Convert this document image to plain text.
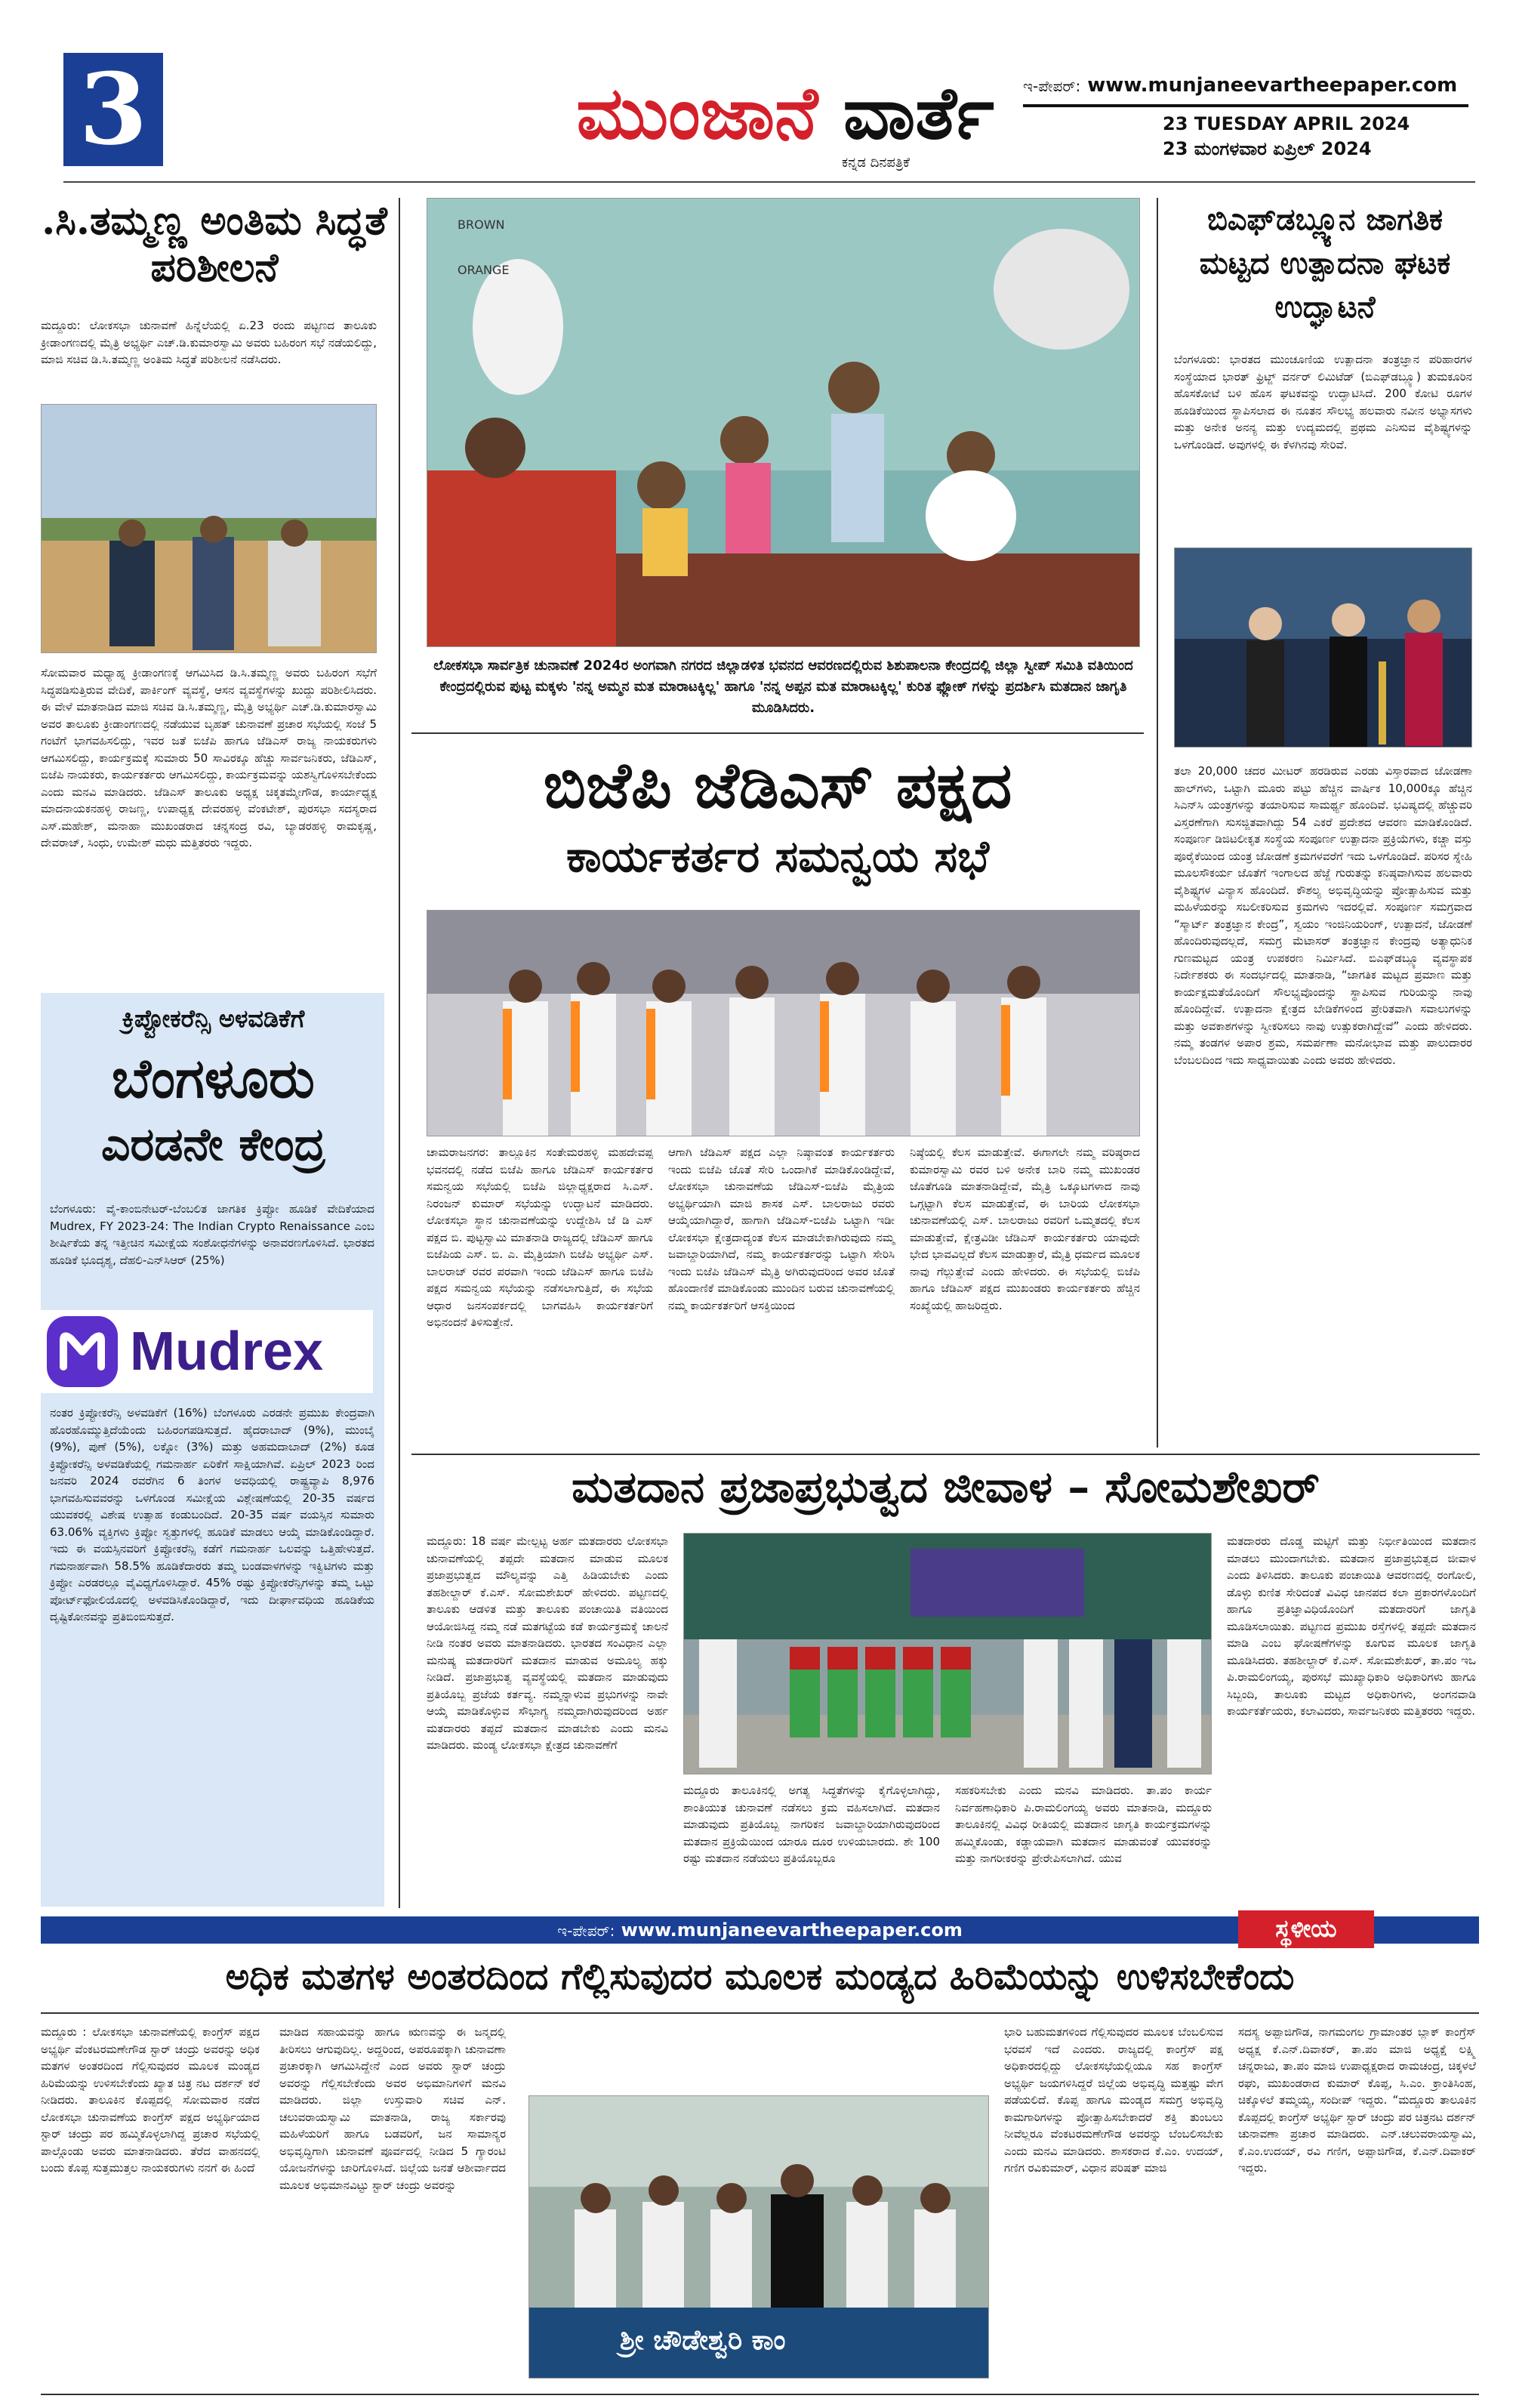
3	ಮುಂಜಾನೆ ವಾರ್ತೆ
ಕನ್ನಡ ದಿನಪತ್ರಿಕೆ
ಇ-ಪೇಪರ್: www.munjaneevartheepaper.com
23 TUESDAY APRIL 2024
23 ಮಂಗಳವಾರ ಏಪ್ರಿಲ್ 2024
.ಸಿ.ತಮ್ಮಣ್ಣ ಅಂತಿಮ ಸಿದ್ಧತೆ ಪರಿಶೀಲನೆ
ಮದ್ದೂರು: ಲೋಕಸಭಾ ಚುನಾವಣೆ ಹಿನ್ನೆಲೆಯಲ್ಲಿ ಏ.23 ರಂದು ಪಟ್ಟಣದ ತಾಲೂಕು ಕ್ರೀಡಾಂಗಣದಲ್ಲಿ ಮೈತ್ರಿ ಅಭ್ಯರ್ಥಿ ಎಚ್.ಡಿ.ಕುಮಾರಸ್ವಾಮಿ ಅವರು ಬಹಿರಂಗ ಸಭೆ ನಡೆಯಲಿದ್ದು, ಮಾಜಿ ಸಚಿವ ಡಿ.ಸಿ.ತಮ್ಮಣ್ಣ ಅಂತಿಮ ಸಿದ್ಧತೆ ಪರಿಶೀಲನೆ ನಡೆಸಿದರು.
ಸೋಮವಾರ ಮಧ್ಯಾಹ್ನ ಕ್ರೀಡಾಂಗಣಕ್ಕೆ ಆಗಮಿಸಿದ ಡಿ.ಸಿ.ತಮ್ಮಣ್ಣ ಅವರು ಬಹಿರಂಗ ಸಭೆಗೆ ಸಿದ್ಧಪಡಿಸುತ್ತಿರುವ ವೇದಿಕೆ, ಪಾರ್ಕಿಂಗ್ ವ್ಯವಸ್ಥೆ, ಆಸನ ವ್ಯವಸ್ಥೆಗಳನ್ನು ಖುದ್ದು ಪರಿಶೀಲಿಸಿದರು. ಈ ವೇಳೆ ಮಾತನಾಡಿದ ಮಾಜಿ ಸಚಿವ ಡಿ.ಸಿ.ತಮ್ಮಣ್ಣ, ಮೈತ್ರಿ ಅಭ್ಯರ್ಥಿ ಎಚ್.ಡಿ.ಕುಮಾರಸ್ವಾಮಿ ಅವರ ತಾಲೂಕು ಕ್ರೀಡಾಂಗಣದಲ್ಲಿ ನಡೆಯುವ ಬೃಹತ್ ಚುನಾವಣೆ ಪ್ರಚಾರ ಸಭೆಯಲ್ಲಿ ಸಂಜೆ 5 ಗಂಟೆಗೆ ಭಾಗವಹಿಸಲಿದ್ದು, ಇವರ ಜತೆ ಬಿಜೆಪಿ ಹಾಗೂ ಜೆಡಿಎಸ್ ರಾಜ್ಯ ನಾಯಕರುಗಳು ಆಗಮಿಸಲಿದ್ದು, ಕಾರ್ಯಕ್ರಮಕ್ಕೆ ಸುಮಾರು 50 ಸಾವಿರಕ್ಕೂ ಹೆಚ್ಚು ಸಾರ್ವಜನಿಕರು, ಜೆಡಿಎಸ್, ಬಿಜೆಪಿ ನಾಯಕರು, ಕಾರ್ಯಕರ್ತರು ಆಗಮಿಸಲಿದ್ದು, ಕಾರ್ಯಕ್ರಮವನ್ನು ಯಶಸ್ವಿಗೊಳಿಸಬೇಕೆಂದು ಎಂದು ಮನವಿ ಮಾಡಿದರು. ಜೆಡಿಎಸ್ ತಾಲೂಕು ಅಧ್ಯಕ್ಷ ಚಿಕ್ಕತಮ್ಮೇಗೌಡ, ಕಾರ್ಯಾಧ್ಯಕ್ಷ ಮಾದನಾಯಕನಹಳ್ಳಿ ರಾಜಣ್ಣ, ಉಪಾಧ್ಯಕ್ಷ ದೇವರಹಳ್ಳಿ ವೆಂಕಟೇಶ್, ಪುರಸಭಾ ಸದಸ್ಯರಾದ ಎಸ್.ಮಹೇಶ್, ಮನಾಹಾ ಮುಖಂಡರಾದ ಚನ್ನಸಂದ್ರ ರವಿ, ಬ್ಯಾಡರಹಳ್ಳಿ ರಾಮಕೃಷ್ಣ, ದೇವರಾಜ್, ಸಿಂಧು, ಉಮೇಶ್ ಮಧು ಮತ್ತಿತರರು ಇದ್ದರು.
ಕ್ರಿಪ್ಟೋಕರೆನ್ಸಿ ಅಳವಡಿಕೆಗೆ
ಬೆಂಗಳೂರು
ಎರಡನೇ ಕೇಂದ್ರ
ಬೆಂಗಳೂರು: ವೈ-ಕಾಂಬಿನೇಟರ್-ಬೆಂಬಲಿತ ಜಾಗತಿಕ ಕ್ರಿಪ್ಟೋ ಹೂಡಿಕೆ ವೇದಿಕೆಯಾದ Mudrex, FY 2023-24: The Indian Crypto Renaissance ಎಂಬ ಶೀರ್ಷಿಕೆಯ ತನ್ನ ಇತ್ತೀಚಿನ ಸಮೀಕ್ಷೆಯ ಸಂಶೋಧನೆಗಳನ್ನು ಅನಾವರಣಗೊಳಿಸಿದೆ. ಭಾರತದ ಹೂಡಿಕೆ ಭೂದೃಶ್ಯ, ದೆಹಲಿ-ಎನ್‌ಸಿಆರ್ (25%)
Mudrex
ನಂತರ ಕ್ರಿಪ್ಟೋಕರೆನ್ಸಿ ಅಳವಡಿಕೆಗೆ (16%) ಬೆಂಗಳೂರು ಎರಡನೇ ಪ್ರಮುಖ ಕೇಂದ್ರವಾಗಿ ಹೊರಹೊಮ್ಮುತ್ತಿದೆಯೆಂದು ಬಹಿರಂಗಪಡಿಸುತ್ತದೆ. ಹೈದರಾಬಾದ್ (9%), ಮುಂಬೈ (9%), ಪುಣೆ (5%), ಲಕ್ನೋ (3%) ಮತ್ತು ಅಹಮದಾಬಾದ್ (2%) ಕೂಡ ಕ್ರಿಪ್ಟೋಕರೆನ್ಸಿ ಅಳವಡಿಕೆಯಲ್ಲಿ ಗಮನಾರ್ಹ ಏರಿಕೆಗೆ ಸಾಕ್ಷಿಯಾಗಿವೆ. ಏಪ್ರಿಲ್ 2023 ರಿಂದ ಜನವರಿ 2024 ರವರೆಗಿನ 6 ತಿಂಗಳ ಅವಧಿಯಲ್ಲಿ ರಾಷ್ಟ್ರವ್ಯಾಪಿ 8,976 ಭಾಗವಹಿಸುವವರನ್ನು ಒಳಗೊಂಡ ಸಮೀಕ್ಷೆಯ ವಿಶ್ಲೇಷಣೆಯಲ್ಲಿ 20-35 ವರ್ಷದ ಯುವಕರಲ್ಲಿ ವಿಶೇಷ ಉತ್ಸಾಹ ಕಂಡುಬಂದಿದೆ. 20-35 ವರ್ಷ ವಯಸ್ಸಿನ ಸುಮಾರು 63.06% ವ್ಯಕ್ತಿಗಳು ಕ್ರಿಪ್ಟೋ ಸ್ವತ್ತುಗಳಲ್ಲಿ ಹೂಡಿಕೆ ಮಾಡಲು ಆಯ್ಕೆ ಮಾಡಿಕೊಂಡಿದ್ದಾರೆ. ಇದು ಈ ವಯಸ್ಸಿನವರಿಗೆ ಕ್ರಿಪ್ಟೋಕರೆನ್ಸಿ ಕಡೆಗೆ ಗಮನಾರ್ಹ ಒಲವನ್ನು ಒತ್ತಿಹೇಳುತ್ತದೆ. ಗಮನಾರ್ಹವಾಗಿ 58.5% ಹೂಡಿಕೆದಾರರು ತಮ್ಮ ಬಂಡವಾಳಗಳನ್ನು ಇಕ್ವಿಟಿಗಳು ಮತ್ತು ಕ್ರಿಪ್ಟೋ ಎರಡರಲ್ಲೂ ವೈವಿಧ್ಯಗೊಳಿಸಿದ್ದಾರೆ. 45% ರಷ್ಟು ಕ್ರಿಪ್ಟೋಕರೆನ್ಸಿಗಳನ್ನು ತಮ್ಮ ಒಟ್ಟು ಪೋರ್ಟ್‌ಫೋಲಿಯೊದಲ್ಲಿ ಅಳವಡಿಸಿಕೊಂಡಿದ್ದಾರೆ, ಇದು ದೀರ್ಘಾವಧಿಯ ಹೂಡಿಕೆಯ ದೃಷ್ಟಿಕೋನವನ್ನು ಪ್ರತಿಬಿಂಬಿಸುತ್ತದೆ.
BROWN
ORANGE
ಲೋಕಸಭಾ ಸಾರ್ವತ್ರಿಕ ಚುನಾವಣೆ 2024ರ ಅಂಗವಾಗಿ ನಗರದ ಜಿಲ್ಲಾಡಳಿತ ಭವನದ ಆವರಣದಲ್ಲಿರುವ ಶಿಶುಪಾಲನಾ ಕೇಂದ್ರದಲ್ಲಿ ಜಿಲ್ಲಾ ಸ್ವೀಪ್ ಸಮಿತಿ ವತಿಯಿಂದ ಕೇಂದ್ರದಲ್ಲಿರುವ ಪುಟ್ಟ ಮಕ್ಕಳು 'ನನ್ನ ಅಮ್ಮನ ಮತ ಮಾರಾಟಕ್ಕಿಲ್ಲ' ಹಾಗೂ 'ನನ್ನ ಅಪ್ಪನ ಮತ ಮಾರಾಟಕ್ಕಿಲ್ಲ' ಕುರಿತ ಫ್ಲೋಕ್ ಗಳನ್ನು ಪ್ರದರ್ಶಿಸಿ ಮತದಾನ ಜಾಗೃತಿ ಮೂಡಿಸಿದರು.
ಬಿಎಫ್‌ಡಬ್ಲ್ಯೂನ ಜಾಗತಿಕ ಮಟ್ಟದ ಉತ್ಪಾದನಾ ಘಟಕ ಉದ್ಘಾಟನೆ
ಬೆಂಗಳೂರು: ಭಾರತದ ಮುಂಚೂಣಿಯ ಉತ್ಪಾದನಾ ತಂತ್ರಜ್ಞಾನ ಪರಿಹಾರಗಳ ಸಂಸ್ಥೆಯಾದ ಭಾರತ್ ಫ್ರಿಟ್ಜ್ ವರ್ನರ್ ಲಿಮಿಟೆಡ್ (ಬಿಎಫ್‌ಡಬ್ಲ್ಯೂ) ತುಮಕೂರಿನ ಹೊಸಕೋಟೆ ಬಳಿ ಹೊಸ ಘಟಕವನ್ನು ಉದ್ಘಾಟಿಸಿದೆ. 200 ಕೋಟಿ ರೂಗಳ ಹೂಡಿಕೆಯಿಂದ ಸ್ಥಾಪಿಸಲಾದ ಈ ನೂತನ ಸೌಲಭ್ಯ ಹಲವಾರು ನವೀನ ಅಭ್ಯಾಸಗಳು ಮತ್ತು ಅನೇಕ ಅನನ್ಯ ಮತ್ತು ಉದ್ಯಮದಲ್ಲಿ ಪ್ರಥಮ ಎನಿಸುವ ವೈಶಿಷ್ಟ್ಯಗಳನ್ನು ಒಳಗೊಂಡಿದೆ. ಅವುಗಳಲ್ಲಿ ಈ ಕೆಳಗಿನವು ಸೇರಿವೆ.
ತಲಾ 20,000 ಚದರ ಮೀಟರ್ ಹರಡಿರುವ ಎರಡು ವಿಸ್ತಾರವಾದ ಜೋಡಣಾ ಹಾಲ್‌ಗಳು, ಒಟ್ಟಾಗಿ ಮೂರು ಪಟ್ಟು ಹೆಚ್ಚಿನ ವಾರ್ಷಿಕ 10,000ಕ್ಕೂ ಹೆಚ್ಚಿನ ಸಿಎನ್‌ಸಿ ಯಂತ್ರಗಳನ್ನು ತಯಾರಿಸುವ ಸಾಮರ್ಥ್ಯ ಹೊಂದಿವೆ. ಭವಿಷ್ಯದಲ್ಲಿ ಹೆಚ್ಚುವರಿ ವಿಸ್ತರಣೆಗಾಗಿ ಸುಸಜ್ಜಿತವಾಗಿದ್ದು 54 ಎಕರೆ ಪ್ರದೇಶದ ಆವರಣ ಮಾಡಿಕೊಂಡಿದೆ. ಸಂಪೂರ್ಣ ಡಿಜಿಟಲೀಕೃತ ಸಂಸ್ಥೆಯ ಸಂಪೂರ್ಣ ಉತ್ಪಾದನಾ ಪ್ರಕ್ರಿಯೆಗಳು, ಕಚ್ಚಾ ವಸ್ತು ಪೂರೈಕೆಯಿಂದ ಯಂತ್ರ ಜೋಡಣೆ ಕ್ರಮಗಳವರೆಗೆ ಇದು ಒಳಗೊಂಡಿದೆ. ಪರಿಸರ ಸ್ನೇಹಿ ಮೂಲಸೌಕರ್ಯ ಜೊತೆಗೆ ಇಂಗಾಲದ ಹೆಜ್ಜೆ ಗುರುತನ್ನು ಕನಿಷ್ಠವಾಗಿಸುವ ಹಲವಾರು ವೈಶಿಷ್ಟ್ಯಗಳ ವಿನ್ಯಾಸ ಹೊಂದಿದೆ. ಕೌಶಲ್ಯ ಅಭಿವೃದ್ಧಿಯನ್ನು ಪ್ರೋತ್ಸಾಹಿಸುವ ಮತ್ತು ಮಹಿಳೆಯರನ್ನು ಸಬಲೀಕರಿಸುವ ಕ್ರಮಗಳು ಇದರಲ್ಲಿವೆ. ಸಂಪೂರ್ಣ ಸಮಗ್ರವಾದ “ಸ್ಮಾರ್ಟ್ ತಂತ್ರಜ್ಞಾನ ಕೇಂದ್ರ”, ಸ್ವಯಂ ಇಂಜಿನಿಯರಿಂಗ್, ಉತ್ಪಾದನೆ, ಜೋಡಣೆ ಹೊಂದಿರುವುದಲ್ಲದೆ, ಸಮಗ್ರ ಮೆಟಾಸರ್ ತಂತ್ರಜ್ಞಾನ ಕೇಂದ್ರವು ಅತ್ಯಾಧುನಿಕ ಗುಣಮಟ್ಟದ ಯಂತ್ರ ಉಪಕರಣ ನಿರ್ಮಿಸಿದೆ. ಬಿಎಫ್‌ಡಬ್ಲ್ಯೂ ವ್ಯವಸ್ಥಾಪಕ ನಿರ್ದೇಶಕರು ಈ ಸಂದರ್ಭದಲ್ಲಿ ಮಾತನಾಡಿ, “ಜಾಗತಿಕ ಮಟ್ಟದ ಪ್ರಮಾಣ ಮತ್ತು ಕಾರ್ಯಕ್ಷಮತೆಯೊಂದಿಗೆ ಸೌಲಭ್ಯವೊಂದನ್ನು ಸ್ಥಾಪಿಸುವ ಗುರಿಯನ್ನು ನಾವು ಹೊಂದಿದ್ದೇವೆ. ಉತ್ಪಾದನಾ ಕ್ಷೇತ್ರದ ಬೇಡಿಕೆಗಳಿಂದ ಪ್ರೇರಿತವಾಗಿ ಸವಾಲುಗಳನ್ನು ಮತ್ತು ಅವಕಾಶಗಳನ್ನು ಸ್ವೀಕರಿಸಲು ನಾವು ಉತ್ಸುಕರಾಗಿದ್ದೇವೆ” ಎಂದು ಹೇಳಿದರು. ನಮ್ಮ ತಂಡಗಳ ಅಪಾರ ಶ್ರಮ, ಸಮರ್ಪಣಾ ಮನೋಭಾವ ಮತ್ತು ಪಾಲುದಾರರ ಬೆಂಬಲದಿಂದ ಇದು ಸಾಧ್ಯವಾಯಿತು ಎಂದು ಅವರು ಹೇಳಿದರು.
ಬಿಜೆಪಿ ಜೆಡಿಎಸ್ ಪಕ್ಷದ
ಕಾರ್ಯಕರ್ತರ ಸಮನ್ವಯ ಸಭೆ
ಚಾಮರಾಜನಗರ: ತಾಲ್ಲೂಕಿನ ಸಂತೇಮರಹಳ್ಳಿ ಮಹದೇವಪ್ಪ ಭವನದಲ್ಲಿ ನಡೆದ ಬಿಜೆಪಿ ಹಾಗೂ ಜೆಡಿಎಸ್ ಕಾರ್ಯಕರ್ತರ ಸಮನ್ವಯ ಸಭೆಯಲ್ಲಿ ಬಿಜೆಪಿ ಜಿಲ್ಲಾಧ್ಯಕ್ಷರಾದ ಸಿ.ಎಸ್. ನಿರಂಜನ್ ಕುಮಾರ್ ಸಭೆಯನ್ನು ಉದ್ಘಾಟನೆ ಮಾಡಿದರು. ಲೋಕಸಭಾ ಸ್ಥಾನ ಚುನಾವಣೆಯನ್ನು ಉದ್ದೇಶಿಸಿ ಜೆ ಡಿ ಎಸ್ ಪಕ್ಷದ ಬಿ. ಪುಟ್ಟಸ್ವಾಮಿ ಮಾತನಾಡಿ ರಾಜ್ಯದಲ್ಲಿ ಜೆಡಿಎಸ್ ಹಾಗೂ ಬಿಜೆಪಿಯ ಎಸ್. ಬಿ. ಎ. ಮೈತ್ರಿಯಾಗಿ ಬಿಜೆಪಿ ಅಭ್ಯರ್ಥಿ ಎಸ್. ಬಾಲರಾಜ್ ರವರ ಪರವಾಗಿ ಇಂದು ಜೆಡಿಎಸ್ ಹಾಗೂ ಬಿಜೆಪಿ ಪಕ್ಷದ ಸಮನ್ವಯ ಸಭೆಯನ್ನು ನಡೆಸಲಾಗುತ್ತಿದೆ, ಈ ಸಭೆಯ ಆಧಾರ ಜನಸಂಪರ್ಕದಲ್ಲಿ ಬಾಗವಹಿಸಿ ಕಾರ್ಯಕರ್ತರಿಗೆ ಅಭಿನಂದನೆ ತಿಳಿಸುತ್ತೇನೆ.
ಆಗಾಗಿ ಜೆಡಿಎಸ್ ಪಕ್ಷದ ಎಲ್ಲಾ ನಿಷ್ಠಾವಂತ ಕಾರ್ಯಕರ್ತರು ಇಂದು ಬಿಜೆಪಿ ಜೊತೆ ಸೇರಿ ಒಂದಾಗಿಕೆ ಮಾಡಿಕೊಂಡಿದ್ದೇವೆ, ಲೋಕಸಭಾ ಚುನಾವಣೆಯ ಜೆಡಿಎಸ್-ಬಿಜೆಪಿ ಮೈತ್ರಿಯ ಅಭ್ಯರ್ಥಿಯಾಗಿ ಮಾಜಿ ಶಾಸಕ ಎಸ್. ಬಾಲರಾಜು ರವರು ಆಯ್ಕೆಯಾಗಿದ್ದಾರೆ, ಹಾಗಾಗಿ ಜೆಡಿಎಸ್-ಬಿಜೆಪಿ ಒಟ್ಟಾಗಿ ಇಡೀ ಲೋಕಸಭಾ ಕ್ಷೇತ್ರದಾದ್ಯಂತ ಕೆಲಸ ಮಾಡಬೇಕಾಗಿರುವುದು ನಮ್ಮ ಜವಾಬ್ದಾರಿಯಾಗಿದೆ, ನಮ್ಮ ಕಾರ್ಯಕರ್ತರನ್ನು ಒಟ್ಟಾಗಿ ಸೇರಿಸಿ ಇಂದು ಬಿಜೆಪಿ ಜೆಡಿಎಸ್ ಮೈತ್ರಿ ಅಗಿರುವುದರಿಂದ ಅವರ ಜೊತೆ ಹೊಂದಾಣಿಕೆ ಮಾಡಿಕೊಂಡು ಮುಂದಿನ ಬರುವ ಚುನಾವಣೆಯಲ್ಲಿ ನಮ್ಮ ಕಾರ್ಯಕರ್ತರಿಗೆ ಆಸಕ್ತಿಯಿಂದ
ನಿಷ್ಠೆಯಲ್ಲಿ ಕೆಲಸ ಮಾಡುತ್ತೇವೆ. ಈಗಾಗಲೇ ನಮ್ಮ ವರಿಷ್ಠರಾದ ಕುಮಾರಸ್ವಾಮಿ ರವರ ಬಳಿ ಅನೇಕ ಬಾರಿ ನಮ್ಮ ಮುಖಂಡರ ಜೊತೆಗೂಡಿ ಮಾತನಾಡಿದ್ದೇವೆ, ಮೈತ್ರಿ ಒಕ್ಕೂಟಗಳಾದ ನಾವು ಒಗ್ಗಟ್ಟಾಗಿ ಕೆಲಸ ಮಾಡುತ್ತೇವೆ, ಈ ಬಾರಿಯ ಲೋಕಸಭಾ ಚುನಾವಣೆಯಲ್ಲಿ ಎಸ್. ಬಾಲರಾಜು ರವರಿಗೆ ಒಮ್ಮತದಲ್ಲಿ ಕೆಲಸ ಮಾಡುತ್ತೇವೆ, ಕ್ಷೇತ್ರವಿಡೀ ಜೆಡಿಎಸ್ ಕಾರ್ಯಕರ್ತರು ಯಾವುದೇ ಭೇದ ಭಾವವಿಲ್ಲದೆ ಕೆಲಸ ಮಾಡುತ್ತಾರೆ, ಮೈತ್ರಿ ಧರ್ಮದ ಮೂಲಕ ನಾವು ಗೆಲ್ಲುತ್ತೇವೆ ಎಂದು ಹೇಳಿದರು. ಈ ಸಭೆಯಲ್ಲಿ ಬಿಜೆಪಿ ಹಾಗೂ ಜೆಡಿಎಸ್ ಪಕ್ಷದ ಮುಖಂಡರು ಕಾರ್ಯಕರ್ತರು ಹೆಚ್ಚಿನ ಸಂಖ್ಯೆಯಲ್ಲಿ ಹಾಜರಿದ್ದರು.
ಮತದಾನ ಪ್ರಜಾಪ್ರಭುತ್ವದ ಜೀವಾಳ – ಸೋಮಶೇಖರ್
ಮದ್ದೂರು: 18 ವರ್ಷ ಮೇಲ್ಪಟ್ಟ ಅರ್ಹ ಮತದಾರರು ಲೋಕಸಭಾ ಚುನಾವಣೆಯಲ್ಲಿ ತಪ್ಪದೇ ಮತದಾನ ಮಾಡುವ ಮೂಲಕ ಪ್ರಜಾಪ್ರಭುತ್ವದ ಮೌಲ್ಯವನ್ನು ಎತ್ತಿ ಹಿಡಿಯಬೇಕು ಎಂದು ತಹಶೀಲ್ದಾರ್ ಕೆ.ಎಸ್. ಸೋಮಶೇಖರ್ ಹೇಳಿದರು. ಪಟ್ಟಣದಲ್ಲಿ ತಾಲೂಕು ಆಡಳಿತ ಮತ್ತು ತಾಲೂಕು ಪಂಚಾಯಿತಿ ವತಿಯಿಂದ ಆಯೋಜಿಸಿದ್ದ ನಮ್ಮ ನಡೆ ಮತಗಟ್ಟೆಯ ಕಡೆ ಕಾರ್ಯಕ್ರಮಕ್ಕೆ ಚಾಲನೆ ನೀಡಿ ನಂತರ ಅವರು ಮಾತನಾಡಿದರು. ಭಾರತದ ಸಂವಿಧಾನ ಎಲ್ಲಾ ಮನುಷ್ಯ ಮತದಾರರಿಗೆ ಮತದಾನ ಮಾಡುವ ಅಮೂಲ್ಯ ಹಕ್ಕು ನೀಡಿದೆ. ಪ್ರಜಾಪ್ರಭುತ್ವ ವ್ಯವಸ್ಥೆಯಲ್ಲಿ ಮತದಾನ ಮಾಡುವುದು ಪ್ರತಿಯೊಬ್ಬ ಪ್ರಜೆಯ ಕರ್ತವ್ಯ. ನಮ್ಮನ್ನಾಳುವ ಪ್ರಭುಗಳನ್ನು ನಾವೇ ಆಯ್ಕೆ ಮಾಡಿಕೊಳ್ಳುವ ಸೌಭಾಗ್ಯ ನಮ್ಮದಾಗಿರುವುದರಿಂದ ಅರ್ಹ ಮತದಾರರು ತಪ್ಪದೆ ಮತದಾನ ಮಾಡಬೇಕು ಎಂದು ಮನವಿ ಮಾಡಿದರು. ಮಂಡ್ಯ ಲೋಕಸಭಾ ಕ್ಷೇತ್ರದ ಚುನಾವಣೆಗೆ
ಮದ್ದೂರು ತಾಲೂಕಿನಲ್ಲಿ ಅಗತ್ಯ ಸಿದ್ಧತೆಗಳನ್ನು ಕೈಗೊಳ್ಳಲಾಗಿದ್ದು, ಶಾಂತಿಯುತ ಚುನಾವಣೆ ನಡೆಸಲು ಕ್ರಮ ವಹಿಸಲಾಗಿದೆ. ಮತದಾನ ಮಾಡುವುದು ಪ್ರತಿಯೊಬ್ಬ ನಾಗರಿಕನ ಜವಾಬ್ದಾರಿಯಾಗಿರುವುದರಿಂದ ಮತದಾನ ಪ್ರಕ್ರಿಯೆಯಿಂದ ಯಾರೂ ದೂರ ಉಳಿಯಬಾರದು. ಶೇ 100 ರಷ್ಟು ಮತದಾನ ನಡೆಯಲು ಪ್ರತಿಯೊಬ್ಬರೂ
ಸಹಕರಿಸಬೇಕು ಎಂದು ಮನವಿ ಮಾಡಿದರು. ತಾ.ಪಂ ಕಾರ್ಯ ನಿರ್ವಹಣಾಧಿಕಾರಿ ಪಿ.ರಾಮಲಿಂಗಯ್ಯ ಅವರು ಮಾತನಾಡಿ, ಮದ್ದೂರು ತಾಲೂಕಿನಲ್ಲಿ ವಿವಿಧ ರೀತಿಯಲ್ಲಿ ಮತದಾನ ಜಾಗೃತಿ ಕಾರ್ಯಕ್ರಮಗಳನ್ನು ಹಮ್ಮಿಕೊಂಡು, ಕಡ್ಡಾಯವಾಗಿ ಮತದಾನ ಮಾಡುವಂತೆ ಯುವಕರನ್ನು ಮತ್ತು ನಾಗರೀಕರನ್ನು ಪ್ರೇರೇಪಿಸಲಾಗಿದೆ. ಯುವ
ಮತದಾರರು ದೊಡ್ಡ ಮಟ್ಟಿಗೆ ಮತ್ತು ನಿರ್ಭೀತಿಯಿಂದ ಮತದಾನ ಮಾಡಲು ಮುಂದಾಗಬೇಕು. ಮತದಾನ ಪ್ರಜಾಪ್ರಭುತ್ವದ ಜೀವಾಳ ಎಂದು ತಿಳಿಸಿದರು. ತಾಲೂಕು ಪಂಚಾಯಿತಿ ಆವರಣದಲ್ಲಿ ರಂಗೋಲಿ, ಡೊಳ್ಳು ಕುಣಿತ ಸೇರಿದಂತೆ ವಿವಿಧ ಜಾನಪದ ಕಲಾ ಪ್ರಕಾರಗಳೊಂದಿಗೆ ಹಾಗೂ ಪ್ರತಿಜ್ಞಾವಿಧಿಯೊಂದಿಗೆ ಮತದಾರರಿಗೆ ಜಾಗೃತಿ ಮೂಡಿಸಲಾಯಿತು. ಪಟ್ಟಣದ ಪ್ರಮುಖ ರಸ್ತೆಗಳಲ್ಲಿ ತಪ್ಪದೇ ಮತದಾನ ಮಾಡಿ ಎಂಬ ಘೋಷಣೆಗಳನ್ನು ಕೂಗುವ ಮೂಲಕ ಜಾಗೃತಿ ಮೂಡಿಸಿದರು. ತಹಶೀಲ್ದಾರ್ ಕೆ.ಎಸ್. ಸೋಮಶೇಖರ್, ತಾ.ಪಂ ಇಒ ಪಿ.ರಾಮಲಿಂಗಯ್ಯ, ಪುರಸಭೆ ಮುಖ್ಯಾಧಿಕಾರಿ ಅಧಿಕಾರಿಗಳು ಹಾಗೂ ಸಿಬ್ಬಂದಿ, ತಾಲೂಕು ಮಟ್ಟದ ಅಧಿಕಾರಿಗಳು, ಅಂಗನವಾಡಿ ಕಾರ್ಯಕರ್ತೆಯರು, ಕಲಾವಿದರು, ಸಾರ್ವಜನಿಕರು ಮತ್ತಿತರರು ಇದ್ದರು.
ಇ-ಪೇಪರ್: www.munjaneevartheepaper.com	ಸ್ಥಳೀಯ
ಅಧಿಕ ಮತಗಳ ಅಂತರದಿಂದ ಗೆಲ್ಲಿಸುವುದರ ಮೂಲಕ ಮಂಡ್ಯದ ಹಿರಿಮೆಯನ್ನು ಉಳಿಸಬೇಕೆಂದು
ಮದ್ದೂರು : ಲೋಕಸಭಾ ಚುನಾವಣೆಯಲ್ಲಿ ಕಾಂಗ್ರೆಸ್ ಪಕ್ಷದ ಅಭ್ಯರ್ಥಿ ವೆಂಕಟರಮಣೇಗೌಡ ಸ್ಟಾರ್ ಚಂದ್ರು ಅವರನ್ನು ಅಧಿಕ ಮತಗಳ ಅಂತರದಿಂದ ಗೆಲ್ಲಿಸುವುದರ ಮೂಲಕ ಮಂಡ್ಯದ ಹಿರಿಮೆಯನ್ನು ಉಳಿಸಬೇಕೆಂದು ಖ್ಯಾತ ಚಿತ್ರ ನಟ ದರ್ಶನ್ ಕರೆ ನೀಡಿದರು. ತಾಲೂಕಿನ ಕೊಪ್ಪದಲ್ಲಿ ಸೋಮವಾರ ನಡೆದ ಲೋಕಸಭಾ ಚುನಾವಣೆಯ ಕಾಂಗ್ರೆಸ್ ಪಕ್ಷದ ಅಭ್ಯರ್ಥಿಯಾದ ಸ್ಟಾರ್ ಚಂದ್ರು ಪರ ಹಮ್ಮಿಕೊಳ್ಳಲಾಗಿದ್ದ ಪ್ರಚಾರ ಸಭೆಯಲ್ಲಿ ಪಾಲ್ಗೊಂಡು ಅವರು ಮಾತನಾಡಿದರು. ತೆರೆದ ವಾಹನದಲ್ಲಿ ಬಂದು ಕೊಪ್ಪ ಸುತ್ತಮುತ್ತಲ ನಾಯಕರುಗಳು ನನಗೆ ಈ ಹಿಂದೆ
ಶ್ರೀ ಚೌಡೇಶ್ವರಿ ಕಾಂ
ಮಾಡಿದ ಸಹಾಯವನ್ನು ಹಾಗೂ ಋಣವನ್ನು ಈ ಜನ್ಮದಲ್ಲಿ ತೀರಿಸಲು ಆಗುವುದಿಲ್ಲ. ಅದ್ದರಿಂದ, ಅಪರೂಪಕ್ಕಾಗಿ ಚುನಾವಣಾ ಪ್ರಚಾರಕ್ಕಾಗಿ ಆಗಮಿಸಿದ್ದೇನೆ ಎಂದ ಅವರು ಸ್ಟಾರ್ ಚಂದ್ರು ಅವರನ್ನು ಗೆಲ್ಲಿಸಬೇಕೆಂದು ಅವರ ಅಭಿಮಾನಿಗಳಿಗೆ ಮನವಿ ಮಾಡಿದರು. ಜಿಲ್ಲಾ ಉಸ್ತುವಾರಿ ಸಚಿವ ಎನ್. ಚಲುವರಾಯಸ್ವಾಮಿ ಮಾತನಾಡಿ, ರಾಜ್ಯ ಸರ್ಕಾರವು ಮಹಿಳೆಯರಿಗೆ ಹಾಗೂ ಬಡವರಿಗೆ, ಜನ ಸಾಮಾನ್ಯರ ಅಭಿವೃದ್ಧಿಗಾಗಿ ಚುನಾವಣೆ ಪೂರ್ವದಲ್ಲಿ ನೀಡಿದ 5 ಗ್ಯಾರಂಟಿ ಯೋಜನೆಗಳನ್ನು ಜಾರಿಗೊಳಿಸಿದೆ. ಜಿಲ್ಲೆಯ ಜನತೆ ಆಶೀರ್ವಾದದ ಮೂಲಕ ಅಭಿಮಾನವಿಟ್ಟು ಸ್ಟಾರ್ ಚಂದ್ರು ಅವರನ್ನು
ಭಾರಿ ಬಹುಮತಗಳಿಂದ ಗೆಲ್ಲಿಸುವುದರ ಮೂಲಕ ಬೆಂಬಲಿಸುವ ಭರವಸೆ ಇದೆ ಎಂದರು. ರಾಜ್ಯದಲ್ಲಿ ಕಾಂಗ್ರೆಸ್ ಪಕ್ಷ ಅಧಿಕಾರದಲ್ಲಿದ್ದು ಲೋಕಸಭೆಯಲ್ಲಿಯೂ ಸಹ ಕಾಂಗ್ರೆಸ್ ಅಭ್ಯರ್ಥಿ ಜಯಗಳಿಸಿದ್ದರೆ ಜಿಲ್ಲೆಯ ಅಭಿವೃದ್ಧಿ ಮತ್ತಷ್ಟು ವೇಗ ಪಡೆಯಲಿದೆ. ಕೊಪ್ಪ ಹಾಗೂ ಮಂಡ್ಯದ ಸಮಗ್ರ ಅಭಿವೃದ್ಧಿ ಕಾಮಗಾರಿಗಳನ್ನು ಪ್ರೋತ್ಸಾಹಿಸಬೇಕಾದರೆ ಶಕ್ತಿ ತುಂಬಲು ನೀವೆಲ್ಲರೂ ವೆಂಕಟರಮಣೇಗೌಡ ಅವರನ್ನು ಬೆಂಬಲಿಸಬೇಕು ಎಂದು ಮನವಿ ಮಾಡಿದರು. ಶಾಸಕರಾದ ಕೆ.ಎಂ. ಉದಯ್, ಗಣಿಗ ರವಿಕುಮಾರ್, ವಿಧಾನ ಪರಿಷತ್ ಮಾಜಿ
ಸದಸ್ಯ ಅಪ್ಪಾಜಿಗೌಡ, ನಾಗಮಂಗಲ ಗ್ರಾಮಾಂತರ ಬ್ಲಾಕ್ ಕಾಂಗ್ರೆಸ್ ಅಧ್ಯಕ್ಷ ಕೆ.ಎನ್.ದಿವಾಕರ್, ತಾ.ಪಂ ಮಾಜಿ ಅಧ್ಯಕ್ಷೆ ಲಕ್ಷ್ಮಿ ಚನ್ನರಾಜು, ತಾ.ಪಂ ಮಾಜಿ ಉಪಾಧ್ಯಕ್ಷರಾದ ರಾಮಚಂದ್ರ, ಚಿಕ್ಕಳಲೆ ರಘು, ಮುಖಂಡರಾದ ಕುಮಾರ್ ಕೊಪ್ಪ, ಸಿ.ಎಂ. ಕ್ರಾಂತಿಸಿಂಹ, ಚಿಕ್ಕೊಳಲೆ ತಮ್ಮಯ್ಯ, ಸಂದೀಪ್ ಇದ್ದರು. “ಮದ್ದೂರು ತಾಲೂಕಿನ ಕೊಪ್ಪದಲ್ಲಿ ಕಾಂಗ್ರೆಸ್ ಅಭ್ಯರ್ಥಿ ಸ್ಟಾರ್ ಚಂದ್ರು ಪರ ಚಿತ್ರನಟ ದರ್ಶನ್ ಚುನಾವಣಾ ಪ್ರಚಾರ ಮಾಡಿದರು. ಎನ್.ಚಲುವರಾಯಸ್ವಾಮಿ, ಕೆ.ಎಂ.ಉದಯ್, ರವಿ ಗಣಿಗ, ಅಪ್ಪಾಜಿಗೌಡ, ಕೆ.ಎನ್.ದಿವಾಕರ್ ಇದ್ದರು.
